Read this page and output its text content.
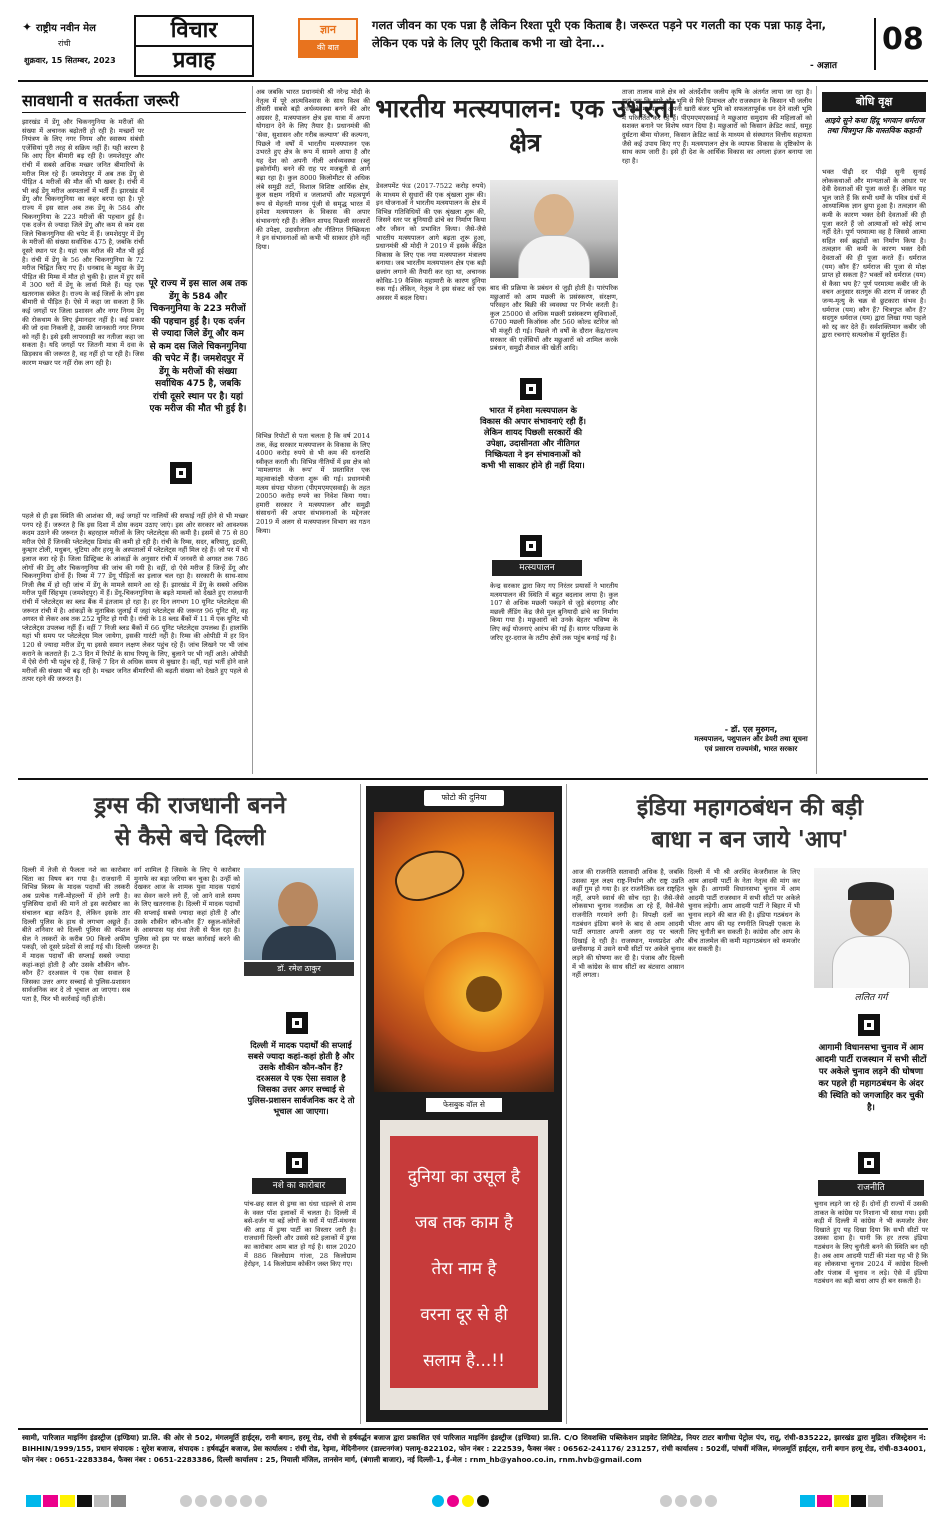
✦ राष्ट्रीय नवीन मेल
रांची
शुक्रवार, 15 सितम्बर, 2023
विचार
प्रवाह
ज्ञान
की बात
गलत जीवन का एक पन्ना है लेकिन रिश्ता पूरी एक किताब है। जरूरत पड़ने पर गलती का एक पन्ना फाड़ देना, लेकिन एक पन्ने के लिए पूरी किताब कभी ना खो देना...
- अज्ञात
08
सावधानी व सतर्कता जरूरी
झारखंड में डेंगू और चिकनगुनिया के मरीजों की संख्या में अचानक बढ़ोतरी हो रही है। मच्छरों पर नियंत्रण के लिए नगर निगम और स्वास्थ्य संबंधी एजेंसियां पूरी तरह से सक्रिय नहीं हैं। यही कारण है कि आए दिन बीमारी बढ़ रही है। जमशेदपुर और रांची में सबसे अधिक मच्छर जनित बीमारियों के मरीज मिल रहे हैं। जमशेदपुर में अब तक डेंगू से पीड़ित 4 मरीजों की मौत की भी खबर है। रांची में भी कई डेंगू मरीज अस्पतालों में भर्ती हैं। झारखंड में डेंगू और चिकनगुनिया का कहर बरपा रहा है। पूरे राज्य में इस साल अब तक डेंगू के 584 और चिकनगुनिया के 223 मरीजों की पहचान हुई है। एक दर्जन से ज्यादा जिले डेंगू और कम से कम दस जिले चिकनगुनिया की चपेट में हैं। जमशेदपुर में डेंगू के मरीजों की संख्या सर्वाधिक 475 है, जबकि रांची दूसरे स्थान पर है। यहां एक मरीज की मौत भी हुई है। रांची में डेंगू के 56 और चिकनगुनिया के 72 मरीज चिह्नित किए गए हैं। धनबाद के महुदा के डेंगू पीड़ित की मिम्स में मौत हो चुकी है। हाल में हुए सर्वे में 300 घरों में डेंगू के लार्वा मिले हैं। यह एक खतरनाक संकेत है। राज्य के कई जिलों के लोग इस बीमारी से पीड़ित हैं। ऐसे में कहा जा सकता है कि कई जगहों पर जिला प्रशासन और नगर निगम डेंगू की रोकथाम के लिए ईमानदार नहीं है। कई प्रकार की जो दवा निकली है, उसकी जानकारी नगर निगम को नहीं है। इसे इसी लापरवाही का नतीजा कहा जा सकता है। यदि जगहों पर जितनी मात्रा में दवा के छिड़काव की जरूरत है, वह नहीं हो पा रही है। जिस कारण मच्छर पर नहीं रोक लग रही है।
पूरे राज्य में इस साल अब तक डेंगू के 584 और चिकनगुनिया के 223 मरीजों की पहचान हुई है। एक दर्जन से ज्यादा जिले डेंगू और कम से कम दस जिले चिकनगुनिया की चपेट में हैं। जमशेदपुर में डेंगू के मरीजों की संख्या सर्वाधिक 475 है, जबकि रांची दूसरे स्थान पर है। यहां एक मरीज की मौत भी हुई है।
पहले से ही इस स्थिति की आशंका थी, कई जगहों पर नालियों की सफाई नहीं होने से भी मच्छर पनप रहे हैं। जरूरत है कि इस दिशा में ठोस कदम उठाए जाएं। इस ओर सरकार को आवश्यक कदम उठाने की जरूरत है। बहरहाल मरीजों के लिए प्लेटलेट्स की कमी है। इसमें से 75 से 80 मरीज ऐसे हैं जिनकी प्लेटलेट्स डिमांड की कमी हो रही है। रांची के रिम्स, सदर, बरियातू, इटकी, कुम्हार टोली, मधुबन, चुटिया और हरमू के अस्पतालों में प्लेटलेट्स नहीं मिल रहे हैं। जो पर में भी इलाज करा रहे हैं। जिला डिस्ट्रिक्ट के आंकड़ों के अनुसार रांची में जनवरी से अगस्त तक 786 लोगों की डेंगू और चिकनगुनिया की जांच की गयी है। वहीं, दो ऐसे मरीज हैं जिन्हें डेंगू और चिकनगुनिया दोनों हैं। रिम्स में 77 डेंगू पीड़ितों का इलाज चल रहा है। सरकारी के साथ-साथ निजी लैब में हो रही जांच में डेंगू के मामले सामने आ रहे हैं। झारखंड में डेंगू के सबसे अधिक मरीज पूर्वी सिंहभूम (जमशेदपुर) में हैं। डेंगू-चिकनगुनिया के बढ़ते मामलों को देखते हुए राजधानी रांची में प्लेटलेट्स का ब्लड बैंक में इंतजाम हो रहा है। हर दिन लगभग 10 यूनिट प्लेटलेट्स की जरूरत रांची में है। आंकड़ों के मुताबिक जुलाई में जहां प्लेटलेट्स की जरूरत 96 यूनिट थी, वह अगस्त से लेकर अब तक 252 यूनिट हो गयी है। रांची के 18 ब्लड बैंकों में 11 में एक यूनिट भी प्लेटलेट्स उपलब्ध नहीं हैं। वहीं 7 निजी ब्लड बैंकों में 66 यूनिट प्लेटलेट्स उपलब्ध हैं। हालांकि यहां भी समय पर प्लेटलेट्स मिल जायेगा, इसकी गारंटी नहीं है। रिम्स की ओपीडी में हर दिन 120 से ज्यादा मरीज डेंगू या इससे समान लक्षण लेकर पहुंच रहे हैं। जांच लिखने पर भी जांच कराने के कतराते हैं। 2-3 दिन में रिपोर्ट के साथ रिफ्यू के लिए, बुलाने पर भी नहीं आते। ओपीडी में ऐसे रोगी भी पहुंच रहे हैं, जिन्हें 7 दिन से अधिक समय से बुखार है। वहीं, यहां भर्ती होने वाले मरीजों की संख्या भी बढ़ रही है। मच्छर जनित बीमारियों की बढ़ती संख्या को देखते हुए पहले से तत्पर रहने की जरूरत है।
अब जबकि भारत प्रधानमंत्री श्री नरेन्द्र मोदी के नेतृत्व में पूरे आत्मविश्वास के साथ विश्व की तीसरी सबसे बड़ी अर्थव्यवस्था बनने की ओर अग्रसर है, मत्स्यपालन क्षेत्र इस यात्रा में अपना योगदान देने के लिए तैयार है। प्रधानमंत्री की 'सेवा, सुशासन और गरीब कल्याण' की कल्पना, पिछले नौ वर्षों में भारतीय मत्स्यपालन एक उभरते हुए क्षेत्र के रूप में सामने आया है और यह देश को अपनी नीली अर्थव्यवस्था (ब्लू इकोनॉमी) बनने की राह पर मजबूती से आगे बढ़ा रहा है। कुल 8000 किलोमीटर से अधिक लंबे समुद्री तटों, विशाल विशिष्ट आर्थिक क्षेत्र, कुल सक्षम नदियों व जलाशयों और महत्वपूर्ण रूप से मेहनती मानव पूंजी से समृद्ध भारत में हमेशा मत्स्यपालन के विकास की अपार संभावनाएं रही हैं। लेकिन शायद पिछली सरकारों की उपेक्षा, उदासीनता और नीतिगत निष्क्रियता ने इन संभावनाओं को कभी भी साकार होने नहीं दिया।
विभिन्न रिपोर्टों से पता चलता है कि वर्ष 2014 तक, केंद्र सरकार मत्स्यपालन के विकास के लिए 4000 करोड़ रुपये से भी कम की धनराशि स्वीकृत करती थी। विभिन्न नीतियों में इस क्षेत्र को 'मामलागत के रूप' में प्रस्तावित एक महत्वाकांक्षी योजना शुरू की गई। प्रधानमंत्री मत्स्य संपदा योजना (पीएमएमएसवाई) के तहत 20050 करोड़ रुपये का निवेश किया गया। हमारी सरकार ने मत्स्यपालन और समुद्री संसाधनों की अपार संभावनाओं के मद्देनजर 2019 में अलग से मत्स्यपालन विभाग का गठन किया।
भारतीय मत्स्यपालन: एक उभरता क्षेत्र
डेवलपमेंट फंड (2017-7522 करोड़ रुपये) के माध्यम से सुधारों की एक श्रृंखला शुरू की। इन योजनाओं ने भारतीय मत्स्यपालन के क्षेत्र में विभिन्न गतिविधियों की एक श्रृंखला शुरू की, जिसने स्तर पर बुनियादी ढांचे का निर्माण किया और जीवन को प्रभावित किया। जैसे-जैसे भारतीय मत्स्यपालन आगे बढ़ता शुरू हुआ, प्रधानमंत्री श्री मोदी ने 2019 में इसके केंद्रित विकास के लिए एक नया मत्स्यपालन मंत्रालय बनाया। जब भारतीय मत्स्यपालन क्षेत्र एक बड़ी छलांग लगाने की तैयारी कर रहा था, अचानक कोविड-19 वैश्विक महामारी के कारण दुनिया रुक गई। लेकिन, नेतृत्व ने इस संकट को एक अवसर में बदल दिया।
बाद की प्रक्रिया के प्रबंधन से जुड़ी होती है। पारंपरिक मछुआरों को आम मछली के प्रसंस्करण, संरक्षण, परिवहन और बिक्री की व्यवस्था पर निर्भर करती है। कुल 25000 से अधिक मछली प्रसंस्करण सुविधाओं, 6700 मछली किऑस्क और 560 कोल्ड स्टोरेज को भी मंजूरी दी गई। पिछले नौ वर्षों के दौरान केंद्र/राज्य सरकार की एजेंसियों और मछुआरों को शामिल करके प्रबंधन, समुद्री शैवाल की खेती आदि।
भारत में हमेशा मत्स्यपालन के विकास की अपार संभावनाएं रही हैं। लेकिन शायद पिछली सरकारों की उपेक्षा, उदासीनता और नीतिगत निष्क्रियता ने इन संभावनाओं को कभी भी साकार होने ही नहीं दिया।
मत्स्यपालन
केन्द्र सरकार द्वारा किए गए निरंतर प्रयासों ने भारतीय मत्स्यपालन की स्थिति में बहुत बदलाव लाया है। कुल 107 से अधिक मछली पकड़ने से जुड़े बंदरगाह और मछली लैंडिंग केंद्र जैसे मूल बुनियादी ढांचे का निर्माण किया गया है। मछुआरों को उनके बेहतर भविष्य के लिए कई योजनाएं आरंभ की गई हैं। सागर परिक्रमा के जरिए दूर-दराज के तटीय क्षेत्रों तक पहुंच बनाई गई है।
ताजा तालाब वाले क्षेत्र को अंतर्देशीय जलीय कृषि के अंतर्गत लाया जा रहा है। यहां तक कि खारे और भूमि से घिरे हिमाचल और राजस्थान के किसान भी जलीय कृषि के माध्यम से अपनी खारी बंजर भूमि को सफलतापूर्वक धन देने वाली भूमि में परिवर्तित कर रहे हैं। पीएमएमएसवाई ने मछुआरा समुदाय की महिलाओं को सशक्त बनाने पर विशेष ध्यान दिया है। मछुआरों को किसान क्रेडिट कार्ड, समूह दुर्घटना बीमा योजना, किसान क्रेडिट कार्ड के माध्यम से संस्थागत वित्तीय सहायता जैसे कई उपाय किए गए हैं। मत्स्यपालन क्षेत्र के व्यापक विकास के दृष्टिकोण के साथ काम जारी है। इसे ही देश के आर्थिक विकास का अगला इंजन बनाया जा रहा है।
- डॉ. एल मुरुगन,
मत्स्यपालन, पशुपालन और डेयरी तथा सूचना एवं प्रसारण राज्यमंत्री, भारत सरकार
बोधि वृक्ष
आइये सुने कथा हिंदू भगवान धर्मराज तथा चित्रगुप्त कि वास्तविक कहानी
भक्त पीढ़ी दर पीढ़ी सुनी सुनाई लोककथाओं और मान्यताओं के आधार पर देवी देवताओं की पूजा करते हैं। लेकिन यह भूल जाते हैं कि सभी धर्मों के पवित्र ग्रंथों में आध्यात्मिक ज्ञान छुपा हुआ है। तत्वज्ञान की कमी के कारण भक्त देवी देवताओं की ही पूजा करते हैं जो आत्माओं को कोई लाभ नहीं देते। पूर्ण परमात्मा वह है जिससे आत्मा सहित सर्व ब्रह्मांडों का निर्माण किया है। तत्वज्ञान की कमी के कारण भक्त देवी देवताओं की ही पूजा करते हैं। धर्मराज (यम) कौन हैं? धर्मराज की पूजा से मोक्ष प्राप्त हो सकता है? भक्तों को धर्मराज (यम) से कैसा भय है? पूर्ण परमात्मा कबीर जी के वचन अनुसार सतगुरु की शरण में जाकर ही जन्म-मृत्यु के चक्र से छुटकारा संभव है। धर्मराज (यम) कौन हैं? चित्रगुप्त कौन हैं? सदगुरु धर्मराज (यम) द्वारा लिखा गया पहले को रद्द कर देते हैं। सर्वशक्तिमान कबीर जी द्वारा रचनाएं सत्यलोक में सुरक्षित हैं।
ड्रग्स की राजधानी बनने
से कैसे बचे दिल्ली
दिल्ली में तेजी से फैलता नशे का कारोबार चिंता का विषय बन गया है। राजधानी में विभिन्न किस्म के मादक पदार्थों की तस्करी अब प्रत्येक गली-मोहल्लों में होने लगी है। पुलिसिया दावों की मानें तो इस कारोबार का संचालन बड़ा कठिन है, लेकिन इसके तार दिल्ली पुलिस के हाथ से लगभग अछूते हैं। बीते शनिवार को दिल्ली पुलिस की स्पेशल सेल ने तस्करों के करीब 90 किलो अफीम पकड़ी, जो दूसरे प्रदेशों से लाई गई थी। दिल्ली में मादक पदार्थों की सप्लाई सबसे ज्यादा कहां-कहां होती है और उसके शौकीन कौन-कौन हैं? दरअसल ये एक ऐसा सवाल है जिसका उत्तर अगर सच्चाई से पुलिस-प्रशासन सार्वजनिक कर दे तो भूचाल आ जाएगा। सब पता है, फिर भी कार्रवाई नहीं होती।
वर्ग शामिल है जिसके के लिए ये कारोबार मुनाफे का बड़ा जरिया बन चुका है। उन्हीं को देखकर आज के शामक युवा मादक पदार्थ का सेवन करने लगे हैं, जो आने वाले समय के लिए खतरनाक है। दिल्ली में मादक पदार्थों की सप्लाई सबसे ज्यादा कहां होती है और उसके शौकीन कौन-कौन हैं? स्कूल-कॉलेजों के आसपास यह धंधा तेजी से फैल रहा है। पुलिस को इस पर सख्त कार्रवाई करने की जरूरत है।
डॉ. रमेश ठाकुर
दिल्ली में मादक पदार्थों की सप्लाई सबसे ज्यादा कहां-कहां होती है और उसके शौकीन कौन-कौन हैं? दरअसल ये एक ऐसा सवाल है जिसका उत्तर अगर सच्चाई से पुलिस-प्रशासन सार्वजनिक कर दे तो भूचाल आ जाएगा।
नशे का कारोबार
पांच-छह साल से ड्रग्स का धंधा धड़ल्ले से शाम के वक्त पॉश इलाकों में चलता है। दिल्ली में बसे-दर्जन या बड़ें लोगों के घरों में पार्टी-मंथनस की आड़ में ड्रग्स पार्टी का विस्तार जारी है। राजधानी दिल्ली और उससे सटे इलाकों में ड्रग्स का कारोबार आम बात हो गई है। साल 2020 में 886 किलोग्राम गांजा, 28 किलोग्राम हेरोइन, 14 किलोग्राम कोकीन जब्त किए गए।
फोटो की दुनिया
फेसबुक वॉल से
दुनिया का उसूल है
जब तक काम है
तेरा नाम है
वरना दूर से ही
सलाम है...!!
इंडिया महागठबंधन की बड़ी
बाधा न बन जाये 'आप'
आज की राजनीति सतावादी अधिक है, जबकि उसका मूल लक्ष्य राष्ट्र-निर्माण और राष्ट्र उन्नति कहीं गुम हो गया है। हर राजनैतिक दल राष्ट्रहित नहीं, अपने स्वार्थ की सोच रहा है। जैसे-जैसे लोकसभा चुनाव नजदीक आ रहे हैं, वैसे-वैसे राजनीति गरमाने लगी है। विपक्षी दलों का गठबंधन इंडिया बनने के बाद से आम आदमी पार्टी लगातार अपनी अलग राह पर चलती दिखाई दे रही है। राजस्थान, मध्यप्रदेश और छत्तीसगढ़ में उसने सभी सीटों पर अकेले चुनाव लड़ने की घोषणा कर दी है। पंजाब और दिल्ली में भी कांग्रेस के साथ सीटों का बंटवारा आसान नहीं लगता।
दिल्ली में भी श्री अरविंद केजरीवाल के लिए आम आदमी पार्टी के नेता नेतृत्व की मांग कर चुके हैं। आगामी विधानसभा चुनाव में आम आदमी पार्टी राजस्थान में सभी सीटों पर अकेले चुनाव लड़ेगी। आम आदमी पार्टी ने बिहार में भी चुनाव लड़ने की बात की है। इंडिया गठबंधन के भीतर आप की यह रणनीति विपक्षी एकता के लिए चुनौती बन सकती है। कांग्रेस और आप के बीच तालमेल की कमी महागठबंधन को कमजोर कर सकती है।
ललित गर्ग
आगामी विधानसभा चुनाव में आम आदमी पार्टी राजस्थान में सभी सीटों पर अकेले चुनाव लड़ने की घोषणा कर पहले ही महागठबंधन के अंदर की स्थिति को जगजाहिर कर चुकी है।
राजनीति
चुनाव लड़ने जा रहे हैं। दोनों ही राज्यों में उसकी ताकत के कांग्रेस पर निशाना भी साधा गया। इसी कड़ी में दिल्ली में कांग्रेस ने भी कमजोर तेवर दिखाते हुए यह दिखा दिया कि सभी सीटों पर उसका दावा है। यानी कि हर तरफ इंडिया गठबंधन के लिए चुनौती बनने की स्थिति बन रही है। अब आम आदमी पार्टी की मंशा यह भी है कि वह लोकसभा चुनाव 2024 में कांग्रेस दिल्ली और पंजाब में चुनाव न लड़े। ऐसे में इंडिया गठबंधन का बड़ी बाधा आप ही बन सकती है।
स्वामी, पारिजात माइनिंग इंडस्ट्रीज (इण्डिया) प्रा.लि. की ओर से 502, मंगलमूर्ति हाईट्स, रानी बगान, हरमू रोड, रांची से हर्षवर्द्धन बजाज द्वारा प्रकाशित एवं पारिजात माइनिंग इंडस्ट्रीज (इण्डिया) प्रा.लि. C/O शिवशक्ति पब्लिकेशन प्राइवेट लिमिटेड, नियर टाटर बागीचा पेट्रोल पंप, रातू, रांची-835222, झारखंड द्वारा मुद्रित। रजिस्ट्रेशन नं: BIHHIN/1999/155, प्रधान संपादक : सुरेश बजाज, संपादक : हर्षवर्द्धन बजाज, प्रेस कार्यालय : रांची रोड, रेड़मा, मेदिनीनगर (डाल्टनगंज) पलामू-822102, फोन नंबर : 222539, फैक्स नंबर : 06562-241176/ 231257, रांची कार्यालय : 502वीं, पांचवीं मंजिल, मंगलमूर्ति हाईट्स, रानी बगान हरमू रोड, रांची-834001, फोन नंबर : 0651-2283384, फैक्स नंबर : 0651-2283386, दिल्ली कार्यालय : 25, नियाली मंजिल, तानसेन मार्ग, (बंगाली बाजार), नई दिल्ली-1, ई-मेल : rnm_hb@yahoo.co.in, rnm.hvb@gmail.com
